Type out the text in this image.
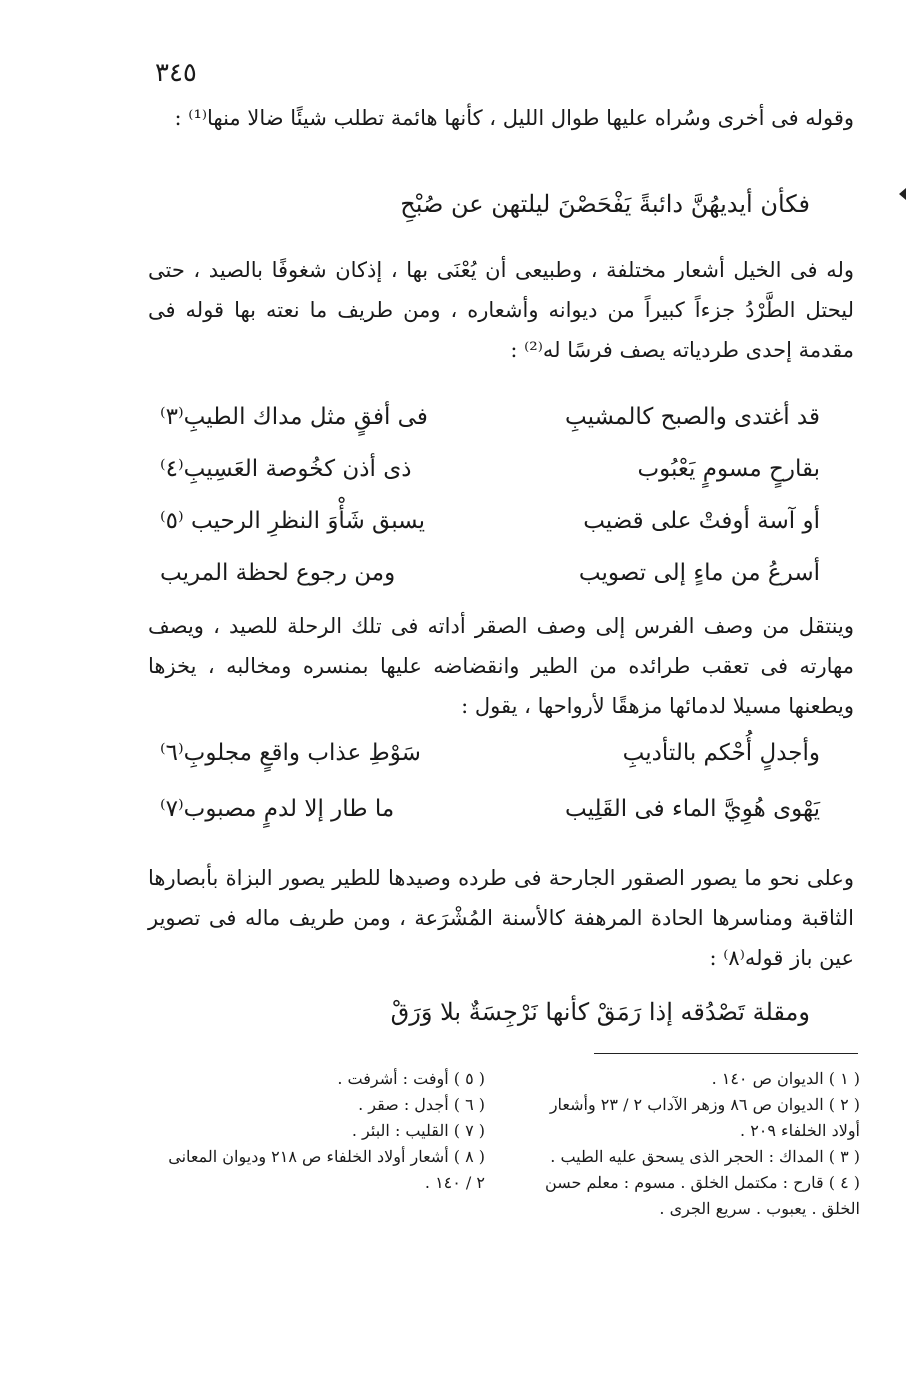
٣٤٥
وقوله فى أخرى وسُراه عليها طوال الليل ، كأنها هائمة تطلب شيئًا ضالا منها⁽¹⁾ :
فكأن أيديهُنَّ دائبةً يَفْحَصْنَ ليلتهن عن صُبْحِ
وله فى الخيل أشعار مختلفة ، وطبيعى أن يُعْنَى بها ، إذكان شغوفًا بالصيد ، حتى ليحتل الطَّرْدُ جزءاً كبيراً من ديوانه وأشعاره ، ومن طريف ما نعته بها قوله فى مقدمة إحدى طردياته يصف فرسًا له⁽²⁾ :
قد أغتدى والصبح كالمشيبِ
فى أفقٍ مثل مداك الطيبِ⁽٣⁾
بقارحٍ مسومٍ يَعْبُوب
ذى أذن كخُوصة العَسِيبِ⁽٤⁾
أو آسة أوفتْ على قضيب
يسبق شَأْوَ النظرِ الرحيب ⁽٥⁾
أسرعُ من ماءٍ إلى تصويب
ومن رجوع لحظة المريب
وينتقل من وصف الفرس إلى وصف الصقر أداته فى تلك الرحلة للصيد ، ويصف مهارته فى تعقب طرائده من الطير وانقضاضه عليها بمنسره ومخالبه ، يخزها ويطعنها مسيلا لدمائها مزهقًا لأرواحها ، يقول :
وأجدلٍ أُحْكم بالتأديبِ
سَوْطِ عذاب واقعٍ مجلوبِ⁽٦⁾
يَهْوى هُوِيَّ الماء فى القَلِيب
ما طار إلا لدمٍ مصبوب⁽٧⁾
وعلى نحو ما يصور الصقور الجارحة فى طرده وصيدها للطير يصور البزاة بأبصارها الثاقبة ومناسرها الحادة المرهفة كالأسنة المُشْرَعة ، ومن طريف ماله فى تصوير عين باز قوله⁽٨⁾ :
ومقلة تَصْدُقه إذا رَمَقْ كأنها نَرْجِسَةٌ بلا وَرَقْ

( ١ ) الديوان ص ١٤٠ .

( ٢ ) الديوان ص ٨٦ وزهر الآداب ٢ / ٢٣ وأشعار أولاد الخلفاء ٢٠٩ .

( ٣ ) المداك : الحجر الذى يسحق عليه الطيب .

( ٤ ) قارح : مكتمل الخلق . مسوم : معلم حسن الخلق . يعبوب . سريع الجرى .

( ٥ ) أوفت : أشرفت .

( ٦ ) أجدل : صقر .

( ٧ ) القليب : البئر .

( ٨ ) أشعار أولاد الخلفاء ص ٢١٨ وديوان المعانى ٢ / ١٤٠ .
